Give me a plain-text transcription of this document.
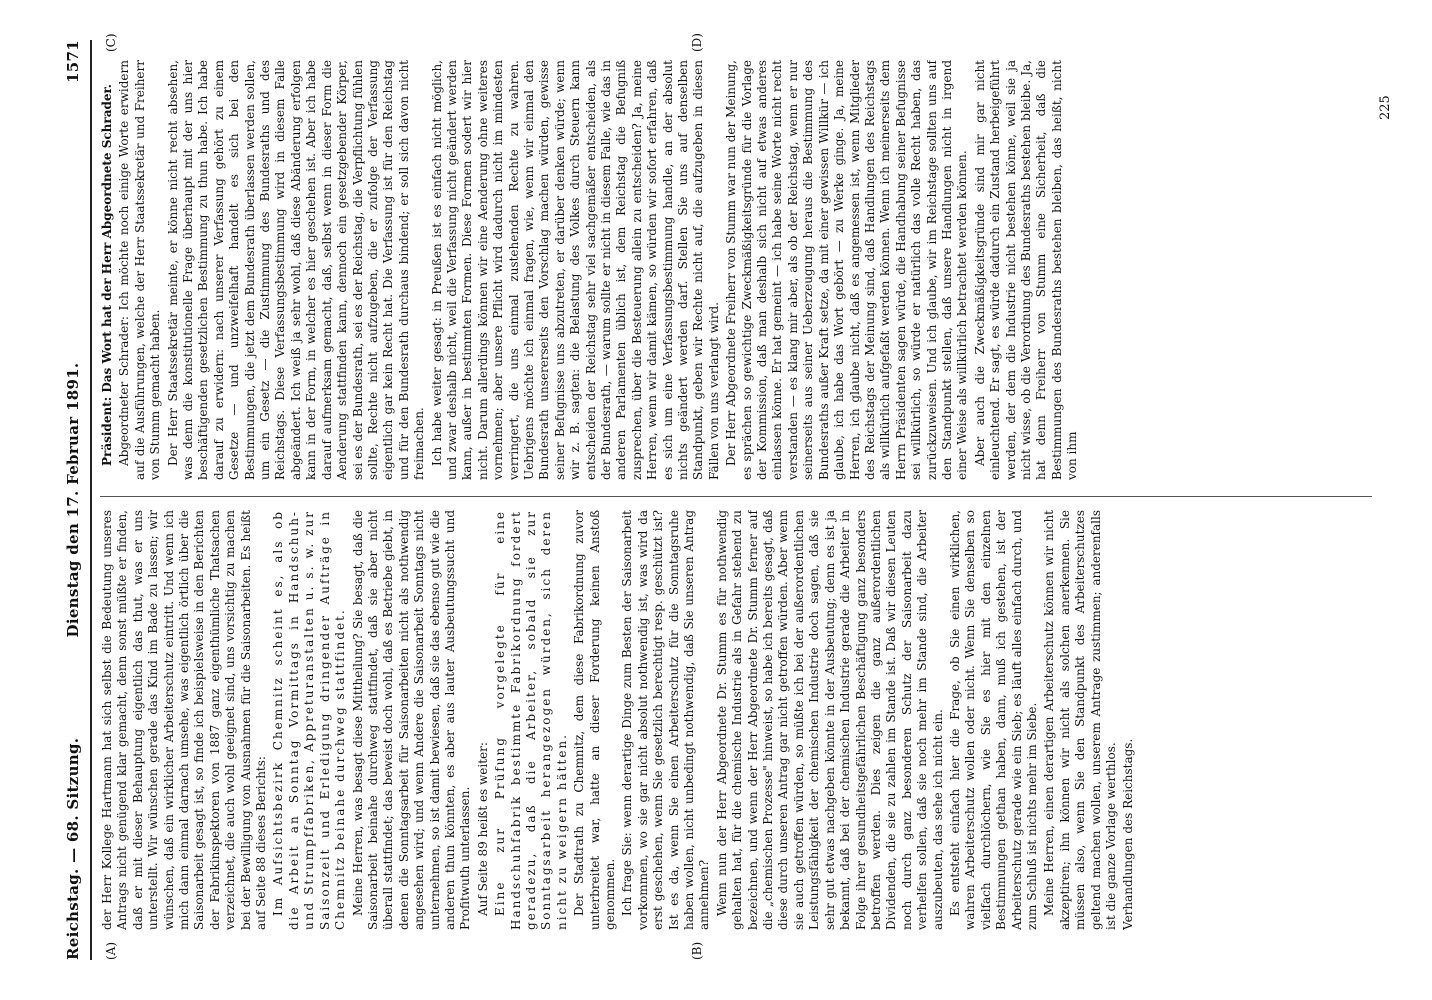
Reichstag. — 68. Sitzung.
Dienstag den 17. Februar 1891.
1571
(A)	(B)
(C)	(D)

der Herr Kollege Hartmann hat sich selbst die Bedeutung unseres Antrags nicht genügend klar gemacht, denn sonst müßte er finden, daß er mit dieser Behauptung eigentlich das thut, was er uns unterstellt. Wir wünschen gerade das Kind im Bade zu lassen; wir wünschen, daß ein wirklicher Arbeiterschutz eintritt. Und wenn ich mich dann einmal darnach umsehe, was eigentlich örtlich über die Saisonarbeit gesagt ist, so finde ich beispielsweise in den Berichten der Fabrikinspektoren von 1887 ganz eigenthümliche Thatsachen verzeichnet, die auch wohl geeignet sind, uns vorsichtig zu machen bei der Bewilligung von Ausnahmen für die Saisonarbeiten. Es heißt auf Seite 88 dieses Berichts: Im Aufsichtsbezirk Chemnitz scheint es, als ob die Arbeit an Sonntag Vormittags in Handschuh- und Strumpffabriken, Appreturanstalten u. s. w. zur Saisonzeit und Erledigung dringender Aufträge in Chemnitz beinahe durchweg stattfindet. Meine Herren, was besagt diese Mittheilung? Sie besagt, daß die Saisonarbeit beinahe durchweg stattfindet, daß sie aber nicht überall stattfindet; das beweist doch wohl, daß es Betriebe giebt, in denen die Sonntagsarbeit für Saisonarbeiten nicht als nothwendig angesehen wird; und wenn Andere die Saisonarbeit Sonntags nicht unternehmen, so ist damit bewiesen, daß sie das ebenso gut wie die anderen thun könnten, es aber aus lauter Ausbeutungssucht und Profitwuth unterlassen. Auf Seite 89 heißt es weiter: Eine zur Prüfung vorgelegte für eine Handschuhfabrik bestimmte Fabrikordnung fordert geradezu, daß die Arbeiter, sobald sie zur Sonntagsarbeit herangezogen würden, sich deren nicht zu weigern hätten. Der Stadtrath zu Chemnitz, dem diese Fabrikordnung zuvor unterbreitet war, hatte an dieser Forderung keinen Anstoß genommen. Ich frage Sie: wenn derartige Dinge zum Besten der Saisonarbeit vorkommen, wo sie gar nicht absolut nothwendig ist, was wird da erst geschehen, wenn Sie gesetzlich berechtigt resp. geschützt ist? Ist es da, wenn Sie einen Arbeiterschutz für die Sonntagsruhe haben wollen, nicht unbedingt nothwendig, daß Sie unseren Antrag annehmen? Wenn nun der Herr Abgeordnete Dr. Stumm es für nothwendig gehalten hat, für die chemische Industrie als in Gefahr stehend zu bezeichnen, und wenn der Herr Abgeordnete Dr. Stumm ferner auf die „chemischen Prozesse" hinweist, so habe ich bereits gesagt, daß diese durch unseren Antrag gar nicht getroffen würden. Aber wenn sie auch getroffen würden, so müßte ich bei der außerordentlichen Leistungsfähigkeit der chemischen Industrie doch sagen, daß sie sehr gut etwas nachgeben könnte in der Ausbeutung; denn es ist ja bekannt, daß bei der chemischen Industrie gerade die Arbeiter in Folge ihrer gesundheitsgefährlichen Beschäftigung ganz besonders betroffen werden. Dies zeigen die ganz außerordentlichen Dividenden, die sie zu zahlen im Stande ist. Daß wir diesen Leuten noch durch ganz besonderen Schutz der Saisonarbeit dazu verhelfen sollen, daß sie noch mehr im Stande sind, die Arbeiter auszubeuten, das sehe ich nicht ein. Es entsteht einfach hier die Frage, ob Sie einen wirklichen, wahren Arbeiterschutz wollen oder nicht. Wenn Sie denselben so vielfach durchlöchern, wie Sie es hier mit den einzelnen Bestimmungen gethan haben, dann, muß ich gestehen, ist der Arbeiterschutz gerade wie ein Sieb; es läuft alles einfach durch, und zum Schluß ist nichts mehr im Siebe. Meine Herren, einen derartigen Arbeiterschutz können wir nicht akzeptiren; ihn können wir nicht als solchen anerkennen. Sie müssen also, wenn Sie den Standpunkt des Arbeiterschutzes geltend machen wollen, unserem Antrage zustimmen; anderenfalls ist die ganze Vorlage werthlos. Verhandlungen des Reichstags.

Präsident: Das Wort hat der Herr Abgeordnete Schrader. Abgeordneter Schrader: Ich möchte noch einige Worte erwidern auf die Ausführungen, welche der Herr Staatssekretär und Freiherr von Stumm gemacht haben. Der Herr Staatssekretär meinte, er könne nicht recht absehen, was denn die konstitutionelle Frage überhaupt mit der uns hier beschäftigenden gesetzlichen Bestimmung zu thun habe. Ich habe darauf zu erwidern: nach unserer Verfassung gehört zu einem Gesetze — und unzweifelhaft handelt es sich bei den Bestimmungen, die jetzt dem Bundesrath überlassen werden sollen, um ein Gesetz — die Zustimmung des Bundesraths und des Reichstags. Diese Verfassungsbestimmung wird in diesem Falle abgeändert. Ich weiß ja sehr wohl, daß diese Abänderung erfolgen kann in der Form, in welcher es hier geschehen ist. Aber ich habe darauf aufmerksam gemacht, daß, selbst wenn in dieser Form die Aenderung stattfinden kann, dennoch ein gesetzgebender Körper, sei es der Bundesrath, sei es der Reichstag, die Verpflichtung fühlen sollte, Rechte nicht aufzugeben, die er zufolge der Verfassung eigentlich gar kein Recht hat. Die Verfassung ist für den Reichstag und für den Bundesrath durchaus bindend; er soll sich davon nicht freimachen. Ich habe weiter gesagt: in Preußen ist es einfach nicht möglich, und zwar deshalb nicht, weil die Verfassung nicht geändert werden kann, außer in bestimmten Formen. Diese Formen sodert wir hier nicht. Darum allerdings können wir eine Aenderung ohne weiteres vornehmen; aber unsere Pflicht wird dadurch nicht im mindesten verringert, die uns einmal zustehenden Rechte zu wahren. Uebrigens möchte ich einmal fragen, wie, wenn wir einmal den Bundesrath unsererseits den Vorschlag machen würden, gewisse seiner Befugnisse uns abzutreten, er darüber denken würde; wenn wir z. B. sagten: die Belastung des Volkes durch Steuern kann entscheiden der Reichstag sehr viel sachgemäßer entscheiden, als der Bundesrath, — warum sollte er nicht in diesem Falle, wie das in anderen Parlamenten üblich ist, dem Reichstag die Befugniß zusprechen, über die Besteuerung allein zu entscheiden? Ja, meine Herren, wenn wir damit kämen, so würden wir sofort erfahren, daß es sich um eine Verfassungsbestimmung handle, an der absolut nichts geändert werden darf. Stellen Sie uns auf denselben Standpunkt, geben wir Rechte nicht auf, die aufzugeben in diesen Fällen von uns verlangt wird. Der Herr Abgeordnete Freiherr von Stumm war nun der Meinung, es sprächen so gewichtige Zweckmäßigkeitsgründe für die Vorlage der Kommission, daß man deshalb sich nicht auf etwas anderes einlassen könne. Er hat gemeint — ich habe seine Worte nicht recht verstanden — es klang mir aber, als ob der Reichstag, wenn er nur seinerseits aus seiner Ueberzeugung heraus die Bestimmung des Bundesraths außer Kraft setze, da mit einer gewissen Willkür — ich glaube, ich habe das Wort gebört — zu Werke ginge. Ja, meine Herren, ich glaube nicht, daß es angemessen ist, wenn Mitglieder des Reichstags der Meinung sind, daß Handlungen des Reichstags als willkürlich aufgefaßt werden können. Wenn ich meinerseits dem Herrn Präsidenten sagen würde, die Handhabung seiner Befugnisse sei willkürlich, so würde er natürlich das volle Recht haben, das zurückzuweisen. Und ich glaube, wir im Reichstage sollten uns auf den Standpunkt stellen, daß unsere Handlungen nicht in irgend einer Weise als willkürlich betrachtet werden können. Aber auch die Zweckmäßigkeitsgründe sind mir gar nicht einleuchtend. Er sagt, es würde dadurch ein Zustand herbeigeführt werden, der dem die Industrie nicht bestehen könne, weil sie ja nicht wisse, ob die Verordnung des Bundesraths bestehen bleibe. Ja, hat denn Freiherr von Stumm eine Sicherheit, daß die Bestimmungen des Bundesraths bestehen bleiben, das heißt, nicht von ihm

225
